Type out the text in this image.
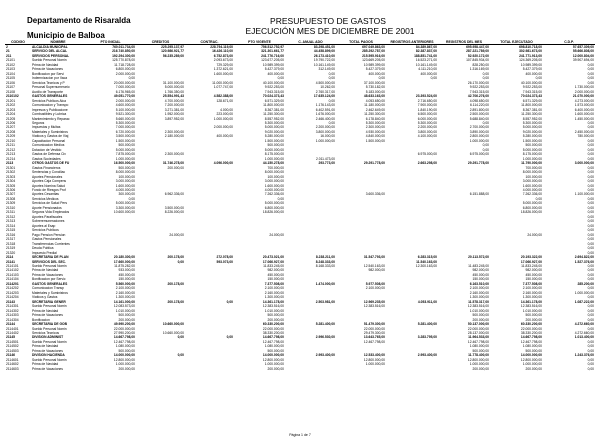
Departamento de Risaralda
Municipio de Balboa
PRESUPUESTO DE GASTOS
EJECUCIÓN MES DE DICIEMBRE DE 2001
CODIGO	NOMBRE	PTO INICIAL	CREDITOS	CONTRAC.	PTO VIGENTE	C. ANUAL ADO	TOTAL PAGOS	REGISTROS ANTERIORES	REGISTROS DEL MES	TOTAL EJECUTADO	C.D.P.
2	ALCALDIA MUNICIPAL	760.011.734,00	225.295.137,97	228.794.119,00	756.512.752,97	83.298.451,00	697.049.863,00	84.389.867,00	695.958.447,00	698.810.718,00	57.657.309,00
21	SERVICIO DEL ALCAL	216.740.850,00	120.986.921,77	16.426.110,00	321.301.661,77	44.458.899,00	285.292.787,00	82.387.837,00	287.221.789,00	302.981.673,00	55.666.808,00
211	SERVICIOS PERSONAL	192.294.300,00	56.235.289,00	6.752.873,00	241.776.716,00	26.173.410,00	215.595.916,00	188.851.741,00	52.920.172,00	241.771.913,00	12.000.804,00
21101	Sueldo Personal Nomin	125.770.878,00		2.093.673,00	123.677.205,00	19.790.722,00	123.669.205,00	16.523.271,00	107.845.934,00	124.369.205,00	39.907.694,00
21102	Prima de Navidad	11.718.728,00		729.329,00	10.989.399,00	10.161.149,00	10.989.399,00	10.161.149,00	828.250,00	10.989.399,00	0,00
21103	Prima de Vacaciones	6.800.000,00		1.372.621,00	5.427.379,00	312.149,00	5.427.379,00	4.111.210,00	1.316.169,00	5.427.379,00	0,00
21104	Bonificacion por Servi	2.000.000,00		1.600.000,00	400.000,00	0,00	400.000,00	400.000,00	0,00	400.000,00	0,00
21105	Indemnizacion por Vaca	0,00			0,00	0,00	0,00	0,00	0,00	0,00	0,00
21106	Servicios Tecnicos y P	20.000.000,00	31.100.000,00	11.000.000,00	40.100.000,00	4.500.000,00	37.100.000,00		26.170.000,00	40.100.000,00	0,00
21107	Personal Supernumerario	7.000.000,00	5.000.000,00	1.077.747,00	9.922.253,00	10.262,00	5.730.182,00		9.922.253,00	9.922.253,00	1.730.000,00
21108	Auxilio de Transporte	6.176.965,00	1.766.350,00		7.943.315,00	2.760.317,00	5.183.000,00		7.943.315,00	7.943.315,00	2.000.000,00
2110102	GASTOS GENERALES	49.051.770,00	25.554.991,43	4.582.388,00	70.024.373,43	17.635.124,00	48.633.163,00	23.393.524,00	42.706.276,00	70.024.373,43	21.070.000,00
21201	Servicios Publicos Alca	2.000.000,00	4.700.000,00	128.671,00	6.571.329,00	0,00	4.053.650,00	2.716.650,00	4.098.650,00	6.571.329,00	4.273.000,00
21202	Comunicacion y Transpo	4.600.000,00	7.200.000,00		11.800.000,00	1.176.143,00	11.180.000,00	7.900.000,00	6.114.220,00	11.800.000,00	1.573.000,00
21203	Impresos y Publicacione	5.100.000,00	3.271.381,00	4.000,00	8.367.381,00	6.402.591,00	2.462.649,00	1.840.190,00	2.891.800,00	8.367.381,00	6.400.000,00
21204	Combustibles y Lubrica	9.521.300,00	1.952.000,00	223.000,00	11.250.300,00	1.676.000,00	11.250.300,00	6.500.000,00	2.500.000,00	11.250.300,00	1.600.000,00
21205	Mantenimiento y Reparac	5.660.000,00	3.897.952,00	1.000.000,00	8.557.952,00	2.466.400,00	6.178.840,00	6.000.000,00	5.688.840,00	8.557.952,00	1.450.000,00
21206	Seguros	5.300.000,00			5.300.000,00	0,00	5.300.000,00	5.300.000,00	0,00	5.300.000,00	0,00
21207	Impuestos y Multas	7.000.000,00		2.000.000,00	5.000.000,00	2.200.000,00	2.300.000,00	2.200.000,00	2.700.000,00	5.000.000,00	0,00
21208	Materiales y Suministros	6.720.000,00	2.300.000,00		9.020.000,00	3.800.000,00	4.930.000,00	3.800.000,00	3.890.000,00	9.020.000,00	2.450.000,00
21209	Viaticos y Gastos de Viaj	3.500.000,00	2.180.000,00	400.000,00	5.280.000,00	16.000,00	4.840.000,00	4.100.000,00	2.800.000,00	5.280.000,00	780.000,00
21210	Capacitacion Personal	1.500.000,00			1.500.000,00	1.000.000,00	1.500.000,00		1.000.000,00	1.500.000,00	0,00
21211	Comunicacion Medios	500.000,00			500.000,00				0,00	500.000,00	0,00
21212	Dotacion de Vestido	5.000.000,00			5.000.000,00				0,00	5.000.000,00	0,00
21213	Gastos de Defensa Civ	7.875.000,00	2.300.000,00		8.175.000,00			6.975.000,00	6.975.000,00	8.175.000,00	0,00
21214	Gastos Sociedades	1.000.000,00			1.000.000,00	2.011.473,00				1.000.000,00	0,00
2113	OTROS GASTOS DE FU	16.500.000,00	31.746.278,00	4.096.000,00	44.150.278,00	293.773,00	29.291.778,00	2.663.298,00	29.291.778,00	11.790.000,00	3.000.000,00
21301	Gastos Financieros	500.000,00	200.000,00		700.000,00					700.000,00	0,00
21302	Sentencias y Conciliac	8.000.000,00			8.000.000,00					8.000.000,00	0,00
21303	Aportes Pensionales	100.000,00			100.000,00					100.000,00	0,00
21304	Aportes Caja Compens	3.000.000,00			3.000.000,00					3.000.000,00	0,00
21305	Aportes Nomina Salud	1.600.000,00			1.600.000,00					1.600.000,00	0,00
21306	Fondo de Riesgos Prof	4.000.000,00			4.000.000,00					4.000.000,00	0,00
21307	Aportes Cesantias	300.000,00	6.962.336,00		7.262.336,00		3.600.336,00		6.151.888,00	7.262.336,00	1.100.000,00
21308	Servicios Medicos	0,00			0,00					0,00	0,00
21309	Servicios de Salud Pers	5.000.000,00			5.000.000,00					5.000.000,00	0,00
21310	Aporte Pensionados	3.300.000,00	3.500.000,00		6.800.000,00					6.800.000,00	0,00
21311	Seguros Vida Empleados	10.600.000,00	8.226.000,00		18.826.000,00					18.826.000,00	0,00
21312	Aportes Parafiscales										0,00
21313	Sobreremuneraciones										0,00
21314	Aportes al Esap										0,00
21315	Servicios Publicos										0,00
21316	Pago Pension Pension		24.000,00		24.000,00					24.000,00	0,00
21317	Gastos Pensionales										0,00
21318	Transferencias Corrientes										0,00
21319	Deuda Publica										0,00
21320	Impuesto Predial										0,00
2114	SECRETARIA DE PLAN	20.180.300,00	200.178,00	272.078,00	20.473.021,00	8.238.211,00	31.547.793,00	6.283.315,00	20.113.572,00	20.193.322,00	2.694.822,00
21141	SERVICIOS DEL SEC.	17.660.000,00	0,00	593.073,00	17.066.927,00	8.248.333,00		11.540.163,00		17.066.927,00	1.527.376,00
2114101	Sueldo Personal Nomin	11.875.282,00			11.833.245,00	8.168.333,00	12.540.163,00	12.300.163,00	11.483.245,00	11.833.245,00	0,00
2114102	Prima de Navidad	933.000,00			982.000,00		982.000,00		982.000,00	982.000,00	0,00
2114103	Prima de Vacaciones	450.000,00			450.000,00				450.000,00	450.000,00	0,00
2114104	Bonificacion por Servic	150.000,00			150.000,00				150.000,00	150.000,00	0,00
2114201	GASTOS GENERALES	5.560.000,00	200.178,00		7.377.508,00	1.474.000,00	5.977.508,00		6.163.510,00	7.377.508,00	285.200,00
2114202	Comunicacion Transp	2.100.000,00			2.100.000,00		2.100.000,00		2.100.000,00	2.100.000,00	0,00
2114203	Materiales y Suministros	2.160.000,00			2.160.000,00				2.160.000,00	2.160.000,00	1.000.000,00
2114204	Viaticos y Gastos	1.300.000,00			1.300.000,00				1.300.000,00	1.300.000,00	0,00
21143	SECRETARIA GENER	14.161.000,00	200.178,00	0,00	14.361.178,00	2.503.981,00	12.969.235,00	4.053.911,00	11.578.317,00	14.361.178,00	1.087.222,00
2114301	Sueldo Personal Nomin	12.083.573,00			12.383.516,00		12.383.516,00		12.383.516,00	12.383.516,00	0,00
2114302	Prima de Navidad	1.010.000,00			1.010.000,00				1.010.000,00	1.010.000,00	0,00
2114303	Prima de Vacaciones	500.000,00			500.000,00				500.000,00	500.000,00	0,00
2114304	Bonificacion	200.000,00			200.000,00				200.000,00	200.000,00	0,00
21144	SECRETARIA DE GOB	49.990.200,00	10.660.000,00		60.330.200,00	5.281.400,00	51.479.300,00	5.281.400,00	50.137.000,00	60.330.200,00	4.272.660,00
2114401	Sueldo Personal Nomin	22.000.000,00			22.000.000,00		22.000.000,00		22.000.000,00	22.000.000,00	0,00
2114402	Servicios Tecnicos	27.990.200,00	10.660.000,00		38.330.200,00		29.479.300,00		28.137.000,00	38.330.200,00	4.272.660,00
21145	DIVISION ADMINIST	14.667.798,00	0,00	0,00	14.667.798,00	2.996.530,00	13.643.765,00	3.283.795,00	11.964.533,00	14.667.798,00	1.013.400,00
2114501	Sueldo Personal Nomin	12.467.798,00			12.467.798,00		12.467.798,00		12.467.798,00	12.467.798,00	0,00
2114502	Prima de Navidad	1.080.000,00			1.080.000,00				1.080.000,00	1.080.000,00	0,00
2114503	Prima de Vacaciones	500.000,00			500.000,00				500.000,00	500.000,00	0,00
21146	DIVISION HACIENDA	14.000.000,00	0,00		14.000.000,00	2.993.400,00	12.533.400,00	2.993.400,00	11.778.400,00	14.000.000,00	1.243.376,00
2114601	Sueldo Personal Nomin	12.800.000,00			12.800.000,00		12.800.000,00		12.800.000,00	12.800.000,00	0,00
2114602	Prima de Navidad	1.000.000,00			1.000.000,00		1.000.000,00		1.000.000,00	1.000.000,00	0,00
2114603	Prima de Vacaciones	200.000,00			200.000,00				200.000,00	200.000,00	0,00
Página 1 de 7
